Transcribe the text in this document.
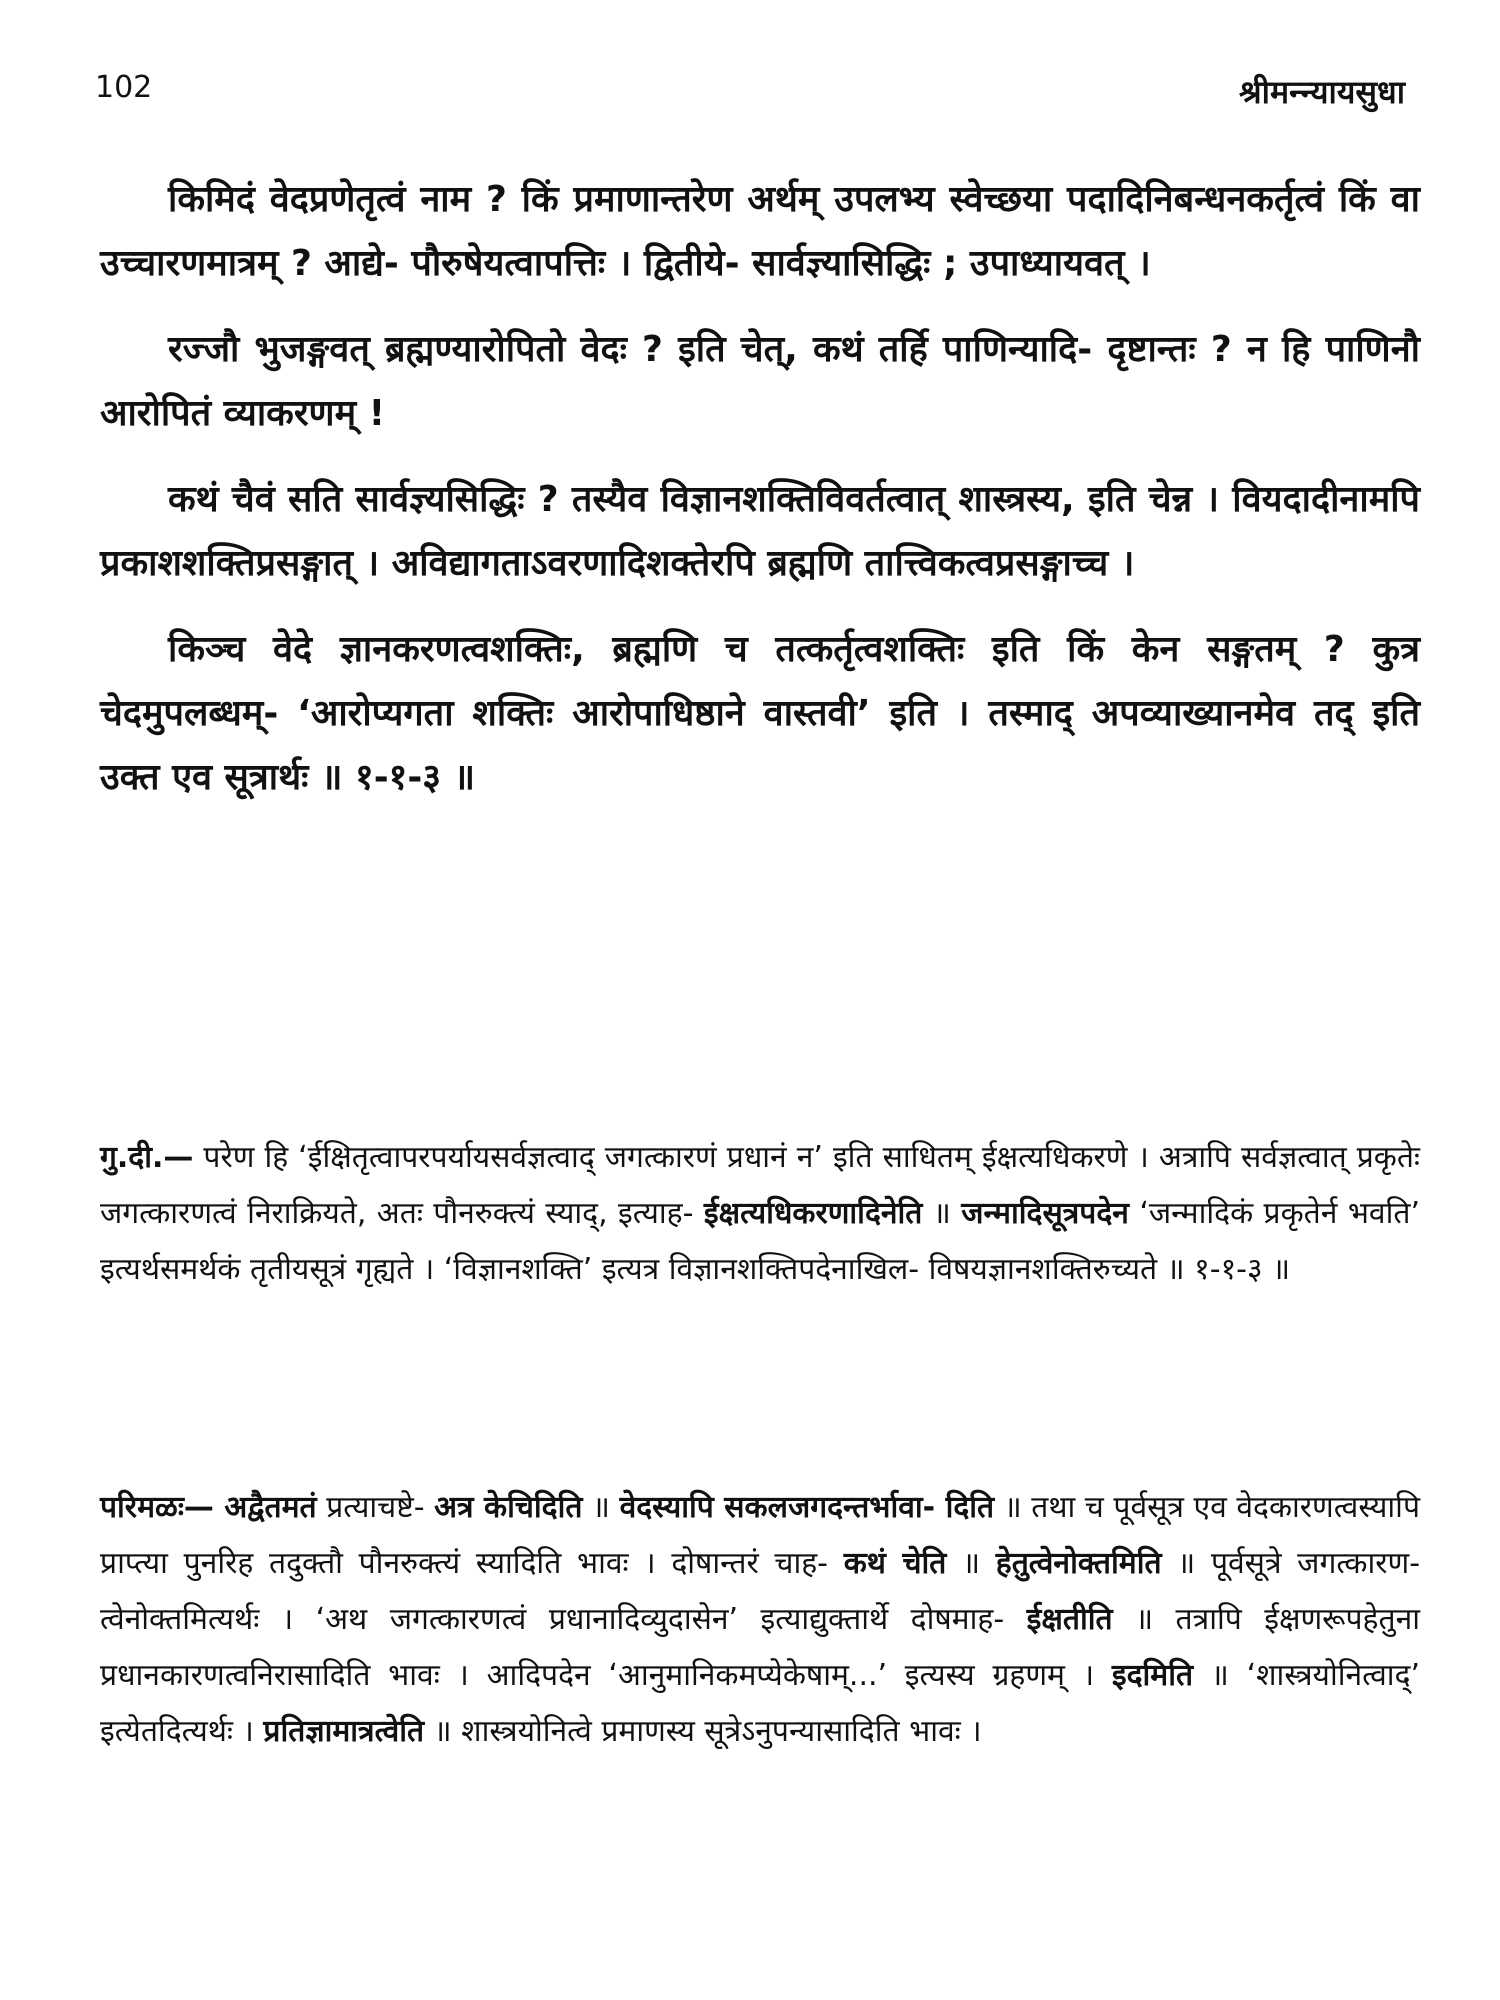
102	श्रीमन्न्यायसुधा

किमिदं वेदप्रणेतृत्वं नाम ? किं प्रमाणान्तरेण अर्थम् उपलभ्य स्वेच्छया पदादिनिबन्धनकर्तृत्वं किं वा उच्चारणमात्रम् ? आद्ये- पौरुषेयत्वापत्तिः । द्वितीये- सार्वज्ञ्यासिद्धिः ; उपाध्यायवत् ।

रज्जौ भुजङ्गवत् ब्रह्मण्यारोपितो वेदः ? इति चेत्, कथं तर्हि पाणिन्यादि- दृष्टान्तः ? न हि पाणिनौ आरोपितं व्याकरणम् !

कथं चैवं सति सार्वज्ञ्यसिद्धिः ? तस्यैव विज्ञानशक्तिविवर्तत्वात् शास्त्रस्य, इति चेन्न । वियदादीनामपि प्रकाशशक्तिप्रसङ्गात् । अविद्यागताऽवरणादिशक्तेरपि ब्रह्मणि तात्त्विकत्वप्रसङ्गाच्च ।

किञ्च वेदे ज्ञानकरणत्वशक्तिः, ब्रह्मणि च तत्कर्तृत्वशक्तिः इति किं केन सङ्गतम् ? कुत्र चेदमुपलब्धम्- ‘आरोप्यगता शक्तिः आरोपाधिष्ठाने वास्तवी’ इति । तस्माद् अपव्याख्यानमेव तद् इति उक्त एव सूत्रार्थः ॥ १-१-३ ॥

गु.दी.— परेण हि ‘ईक्षितृत्वापरपर्यायसर्वज्ञत्वाद् जगत्कारणं प्रधानं न’ इति साधितम् ईक्षत्यधिकरणे । अत्रापि सर्वज्ञत्वात् प्रकृतेः जगत्कारणत्वं निराक्रियते, अतः पौनरुक्त्यं स्याद्, इत्याह- ईक्षत्यधिकरणादिनेति ॥ जन्मादिसूत्रपदेन ‘जन्मादिकं प्रकृतेर्न भवति’ इत्यर्थसमर्थकं तृतीयसूत्रं गृह्यते । ‘विज्ञानशक्ति’ इत्यत्र विज्ञानशक्तिपदेनाखिल- विषयज्ञानशक्तिरुच्यते ॥ १-१-३ ॥

परिमळः— अद्वैतमतं प्रत्याचष्टे- अत्र केचिदिति ॥ वेदस्यापि सकलजगदन्तर्भावा- दिति ॥ तथा च पूर्वसूत्र एव वेदकारणत्वस्यापि प्राप्त्या पुनरिह तदुक्तौ पौनरुक्त्यं स्यादिति भावः । दोषान्तरं चाह- कथं चेति ॥ हेतुत्वेनोक्तमिति ॥ पूर्वसूत्रे जगत्कारण- त्वेनोक्तमित्यर्थः । ‘अथ जगत्कारणत्वं प्रधानादिव्युदासेन’ इत्याद्युक्तार्थे दोषमाह- ईक्षतीति ॥ तत्रापि ईक्षणरूपहेतुना प्रधानकारणत्वनिरासादिति भावः । आदिपदेन ‘आनुमानिकमप्येकेषाम्...’ इत्यस्य ग्रहणम् । इदमिति ॥ ‘शास्त्रयोनित्वाद्’ इत्येतदित्यर्थः । प्रतिज्ञामात्रत्वेति ॥ शास्त्रयोनित्वे प्रमाणस्य सूत्रेऽनुपन्यासादिति भावः ।
